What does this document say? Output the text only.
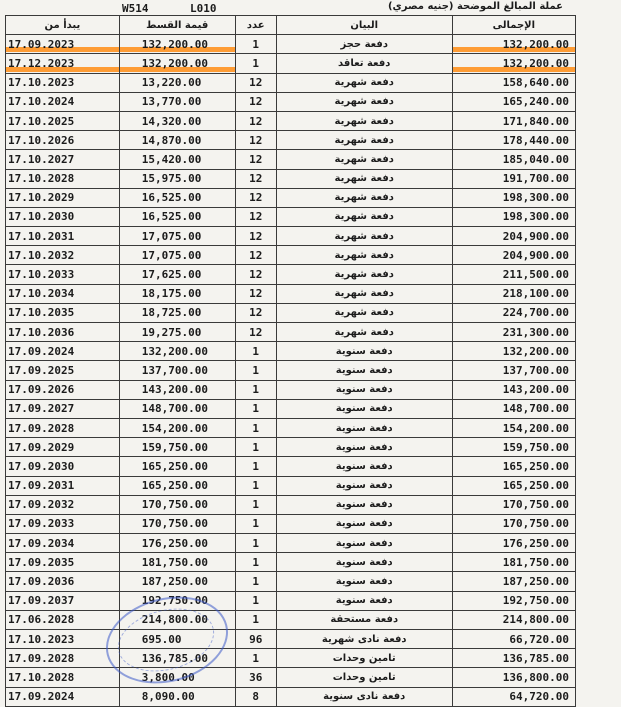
W514	L010	عملة المبالغ الموضحة (جنيه مصري)
يبدأ من	قيمة القسط	عدد	البيان	الإجمالى

17.09.2023	132,200.00	1	دفعة حجز	132,200.00

17.12.2023	132,200.00	1	دفعة تعاقد	132,200.00
17.10.2023	13,220.00	12	دفعة شهرية	158,640.00
17.10.2024	13,770.00	12	دفعة شهرية	165,240.00
17.10.2025	14,320.00	12	دفعة شهرية	171,840.00
17.10.2026	14,870.00	12	دفعة شهرية	178,440.00
17.10.2027	15,420.00	12	دفعة شهرية	185,040.00
17.10.2028	15,975.00	12	دفعة شهرية	191,700.00
17.10.2029	16,525.00	12	دفعة شهرية	198,300.00
17.10.2030	16,525.00	12	دفعة شهرية	198,300.00
17.10.2031	17,075.00	12	دفعة شهرية	204,900.00
17.10.2032	17,075.00	12	دفعة شهرية	204,900.00
17.10.2033	17,625.00	12	دفعة شهرية	211,500.00
17.10.2034	18,175.00	12	دفعة شهرية	218,100.00
17.10.2035	18,725.00	12	دفعة شهرية	224,700.00
17.10.2036	19,275.00	12	دفعة شهرية	231,300.00
17.09.2024	132,200.00	1	دفعة سنوية	132,200.00
17.09.2025	137,700.00	1	دفعة سنوية	137,700.00
17.09.2026	143,200.00	1	دفعة سنوية	143,200.00
17.09.2027	148,700.00	1	دفعة سنوية	148,700.00
17.09.2028	154,200.00	1	دفعة سنوية	154,200.00
17.09.2029	159,750.00	1	دفعة سنوية	159,750.00
17.09.2030	165,250.00	1	دفعة سنوية	165,250.00
17.09.2031	165,250.00	1	دفعة سنوية	165,250.00
17.09.2032	170,750.00	1	دفعة سنوية	170,750.00
17.09.2033	170,750.00	1	دفعة سنوية	170,750.00
17.09.2034	176,250.00	1	دفعة سنوية	176,250.00
17.09.2035	181,750.00	1	دفعة سنوية	181,750.00
17.09.2036	187,250.00	1	دفعة سنوية	187,250.00
17.09.2037	192,750.00	1	دفعة سنوية	192,750.00
17.06.2028	214,800.00	1	دفعة مستحقة	214,800.00
17.10.2023	695.00	96	دفعة نادى شهرية	66,720.00
17.09.2028	136,785.00	1	تامين وحدات	136,785.00
17.10.2028	3,800.00	36	تامين وحدات	136,800.00
17.09.2024	8,090.00	8	دفعة نادى سنوية	64,720.00
